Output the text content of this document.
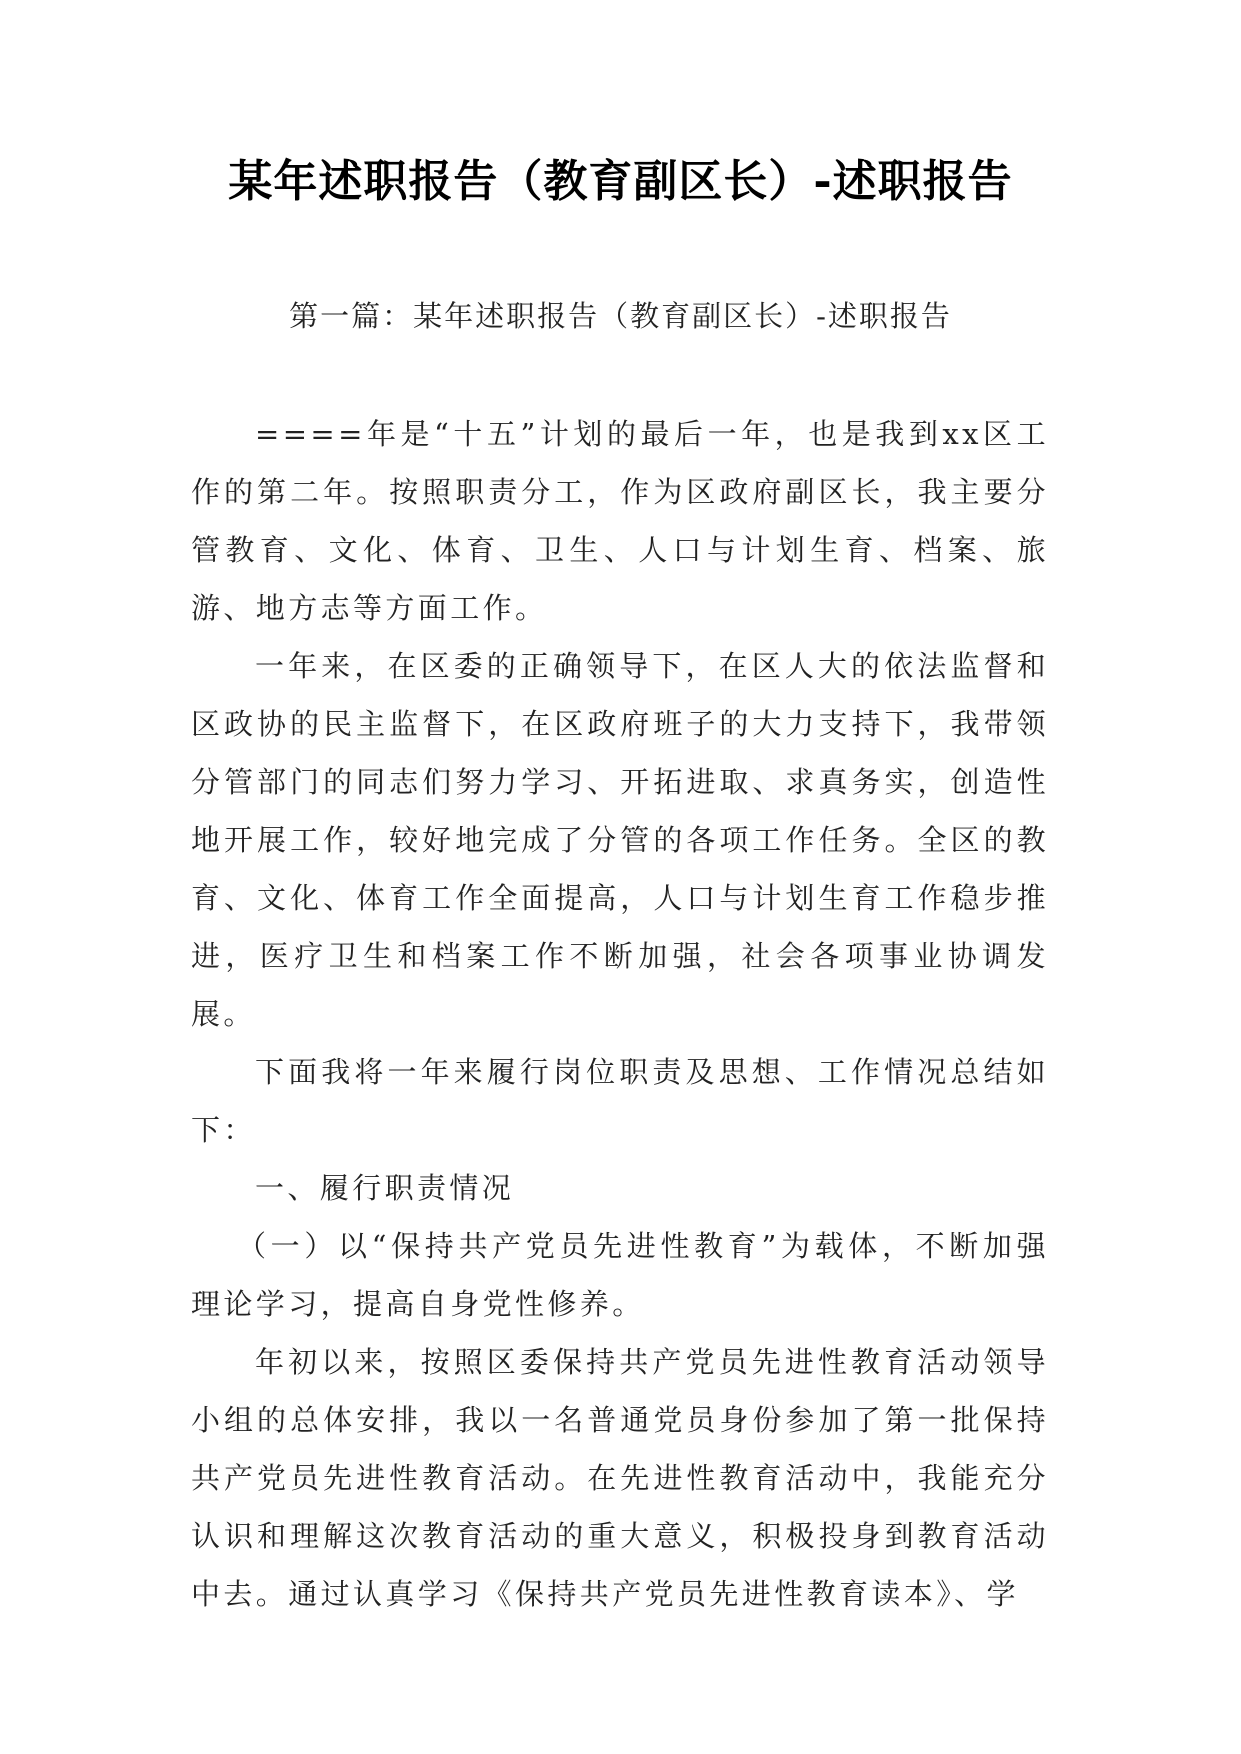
某年述职报告（教育副区长）-述职报告
第一篇：某年述职报告（教育副区长）-述职报告

====年是“十五”计划的最后一年，也是我到xx区工作的第二年。按照职责分工，作为区政府副区长，我主要分管教育、文化、体育、卫生、人口与计划生育、档案、旅游、地方志等方面工作。

一年来，在区委的正确领导下，在区人大的依法监督和区政协的民主监督下，在区政府班子的大力支持下，我带领分管部门的同志们努力学习、开拓进取、求真务实，创造性地开展工作，较好地完成了分管的各项工作任务。全区的教育、文化、体育工作全面提高，人口与计划生育工作稳步推进，医疗卫生和档案工作不断加强，社会各项事业协调发展。

下面我将一年来履行岗位职责及思想、工作情况总结如下：

一、履行职责情况

（一）以“保持共产党员先进性教育”为载体，不断加强理论学习，提高自身党性修养。

年初以来，按照区委保持共产党员先进性教育活动领导小组的总体安排，我以一名普通党员身份参加了第一批保持共产党员先进性教育活动。在先进性教育活动中，我能充分认识和理解这次教育活动的重大意义，积极投身到教育活动中去。通过认真学习《保持共产党员先进性教育读本》、学
